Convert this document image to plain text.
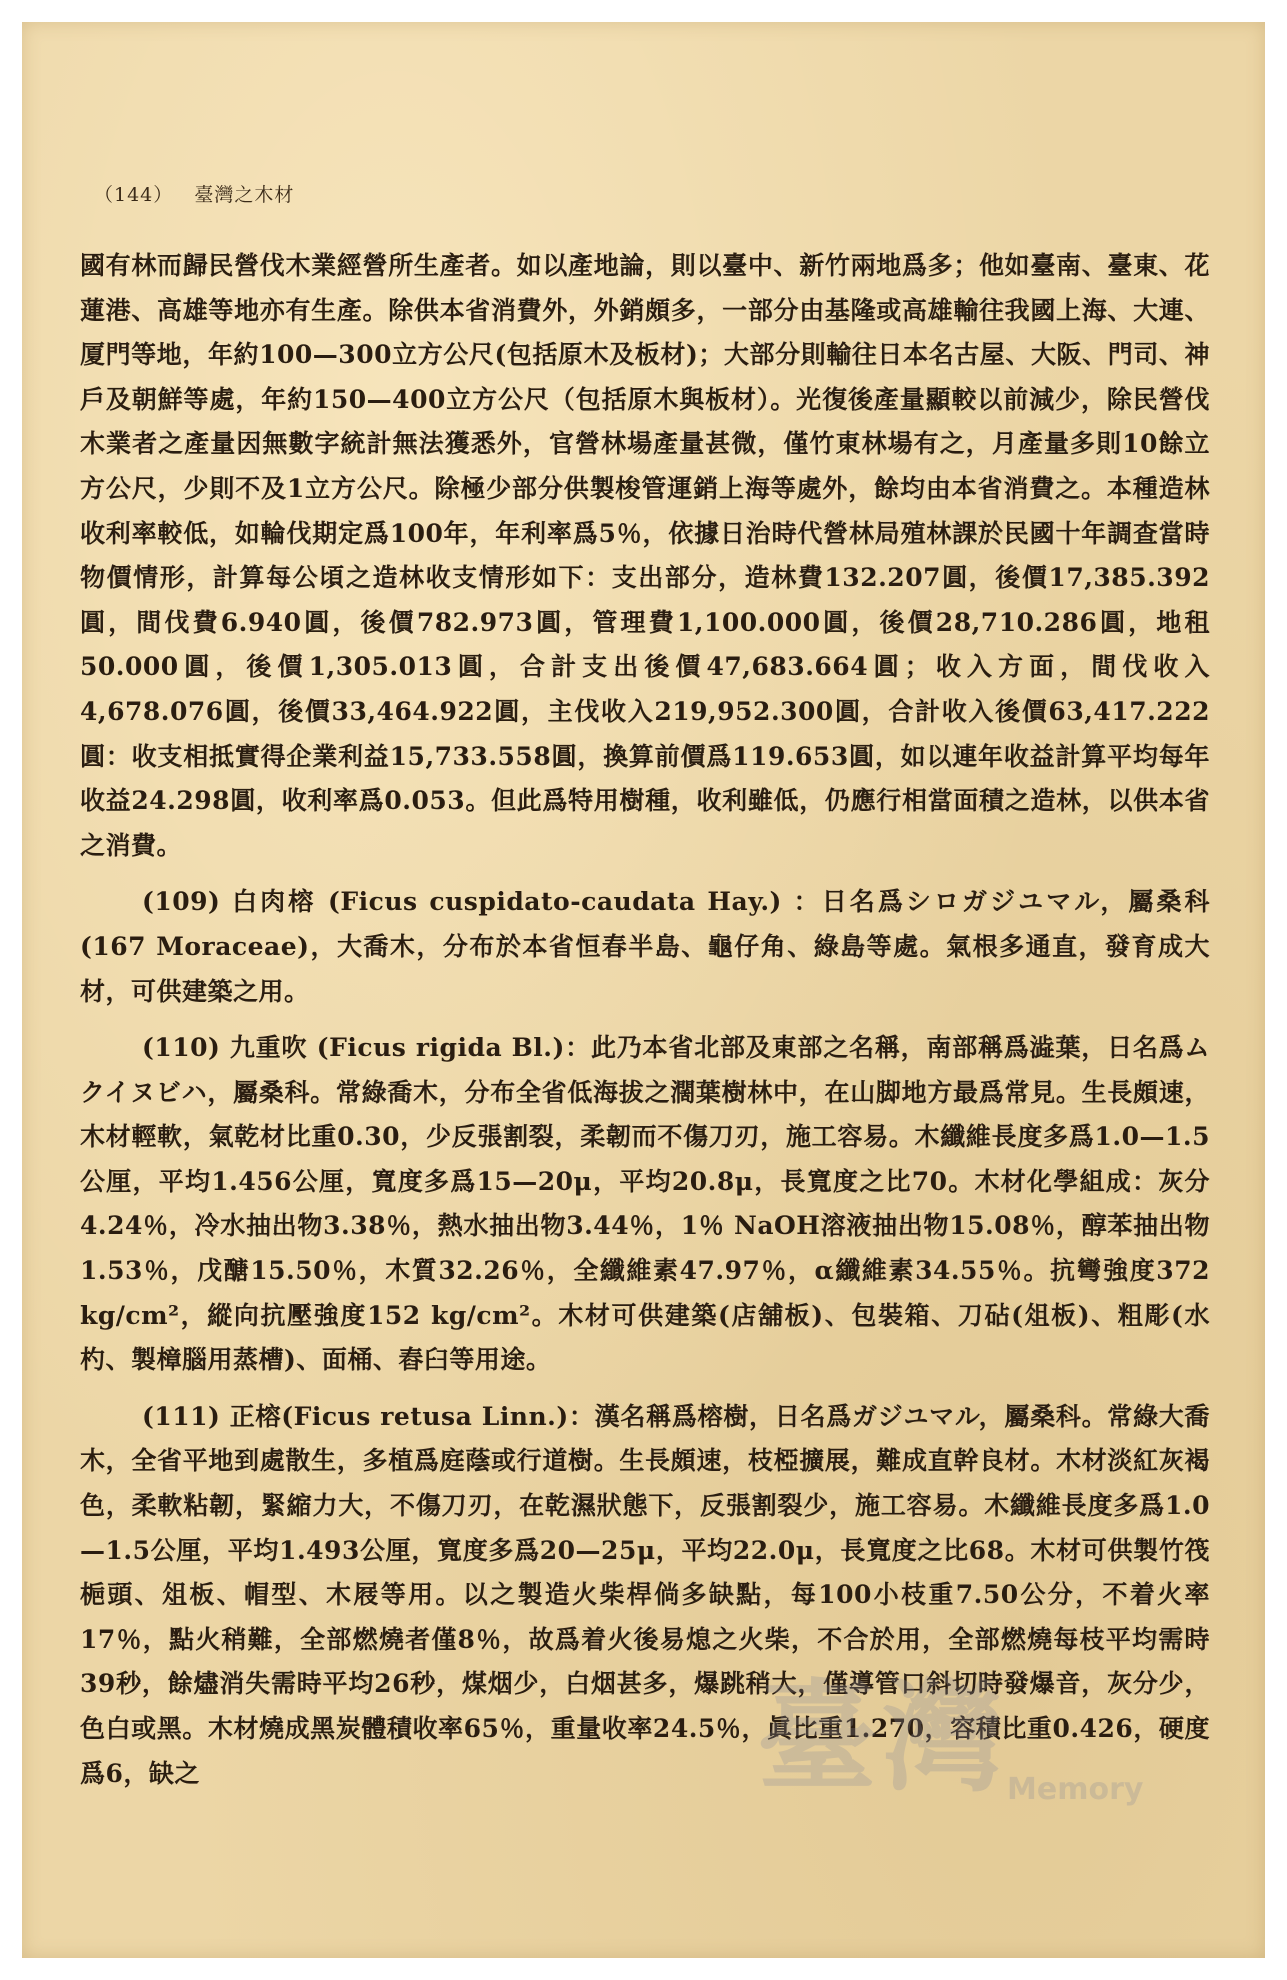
（144） 臺灣之木材

國有林而歸民營伐木業經營所生產者。如以產地論，則以臺中、新竹兩地爲多；他如臺南、臺東、花蓮港、高雄等地亦有生產。除供本省消費外，外銷頗多，一部分由基隆或高雄輸往我國上海、大連、厦門等地，年約100—300立方公尺(包括原木及板材)；大部分則輸往日本名古屋、大阪、門司、神戶及朝鮮等處，年約150—400立方公尺（包括原木與板材）。光復後產量顯較以前減少，除民營伐木業者之產量因無數字統計無法獲悉外，官營林場產量甚微，僅竹東林場有之，月產量多則10餘立方公尺，少則不及1立方公尺。除極少部分供製梭管運銷上海等處外，餘均由本省消費之。本種造林收利率較低，如輪伐期定爲100年，年利率爲5％，依據日治時代營林局殖林課於民國十年調查當時物價情形，計算每公頃之造林收支情形如下：支出部分，造林費132.207圓，後價17,385.392圓，間伐費6.940圓，後價782.973圓，管理費1,100.000圓，後價28,710.286圓，地租50.000圓，後價1,305.013圓，合計支出後價47,683.664圓；收入方面，間伐收入4,678.076圓，後價33,464.922圓，主伐收入219,952.300圓，合計收入後價63,417.222圓：收支相抵實得企業利益15,733.558圓，換算前價爲119.653圓，如以連年收益計算平均每年收益24.298圓，收利率爲0.053。但此爲特用樹種，收利雖低，仍應行相當面積之造林，以供本省之消費。

(109) 白肉榕 (Ficus cuspidato-caudata Hay.) ：日名爲シロガジユマル，屬桑科(167 Moraceae)，大喬木，分布於本省恒春半島、龜仔角、綠島等處。氣根多通直，發育成大材，可供建築之用。

(110) 九重吹 (Ficus rigida Bl.)：此乃本省北部及東部之名稱，南部稱爲澁葉，日名爲ムクイヌビハ，屬桑科。常綠喬木，分布全省低海拔之濶葉樹林中，在山脚地方最爲常見。生長頗速，木材輕軟，氣乾材比重0.30，少反張割裂，柔韌而不傷刀刃，施工容易。木纖維長度多爲1.0—1.5公厘，平均1.456公厘，寬度多爲15—20μ，平均20.8μ，長寬度之比70。木材化學組成：灰分4.24％，冷水抽出物3.38％，熱水抽出物3.44％，1％ NaOH溶液抽出物15.08％，醇苯抽出物1.53％，戊醣15.50％，木質32.26％，全纖維素47.97％，α纖維素34.55％。抗彎強度372 kg/cm²，縱向抗壓強度152 kg/cm²。木材可供建築(店舖板)、包裝箱、刀砧(俎板)、粗彫(水杓、製樟腦用蒸槽)、面桶、舂臼等用途。

(111) 正榕(Ficus retusa Linn.)：漢名稱爲榕樹，日名爲ガジユマル，屬桑科。常綠大喬木，全省平地到處散生，多植爲庭蔭或行道樹。生長頗速，枝椏擴展，難成直幹良材。木材淡紅灰褐色，柔軟粘韌，緊縮力大，不傷刀刃，在乾濕狀態下，反張割裂少，施工容易。木纖維長度多爲1.0—1.5公厘，平均1.493公厘，寬度多爲20—25μ，平均22.0μ，長寬度之比68。木材可供製竹筏梔頭、俎板、帽型、木屐等用。以之製造火柴桿倘多缺點，每100小枝重7.50公分，不着火率17％，點火稍難，全部燃燒者僅8％，故爲着火後易熄之火柴，不合於用，全部燃燒每枝平均需時39秒，餘燼消失需時平均26秒，煤烟少，白烟甚多，爆跳稍大，僅導管口斜切時發爆音，灰分少，色白或黑。木材燒成黑炭體積收率65％，重量收率24.5％，眞比重1.270，容積比重0.426，硬度爲6，缺之	臺灣
Memory
